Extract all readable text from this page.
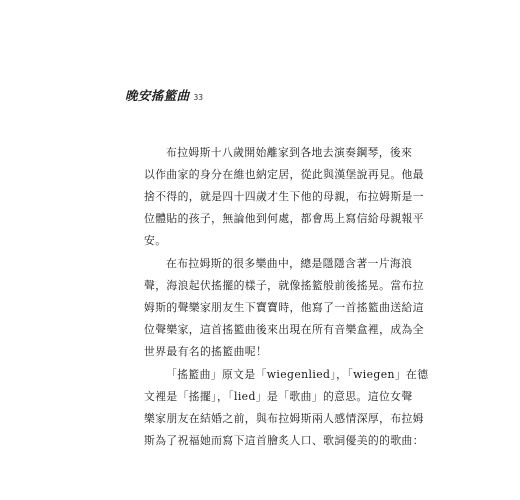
晚安搖籃曲 33

布拉姆斯十八歲開始離家到各地去演奏鋼琴，後來
以作曲家的身分在維也納定居，從此與漢堡說再見。他最
捨不得的，就是四十四歲才生下他的母親，布拉姆斯是一
位體貼的孩子，無論他到何處，都會馬上寫信給母親報平
安。

在布拉姆斯的很多樂曲中，總是隱隱含著一片海浪
聲，海浪起伏搖擺的樣子，就像搖籃般前後搖晃。當布拉
姆斯的聲樂家朋友生下寶寶時，他寫了一首搖籃曲送給這
位聲樂家，這首搖籃曲後來出現在所有音樂盒裡，成為全
世界最有名的搖籃曲呢！

「搖籃曲」原文是「wiegenlied」，「wiegen」在德
文裡是「搖擺」，「lied」是「歌曲」的意思。這位女聲
樂家朋友在結婚之前，與布拉姆斯兩人感情深厚，布拉姆
斯為了祝福她而寫下這首膾炙人口、歌詞優美的的歌曲：
